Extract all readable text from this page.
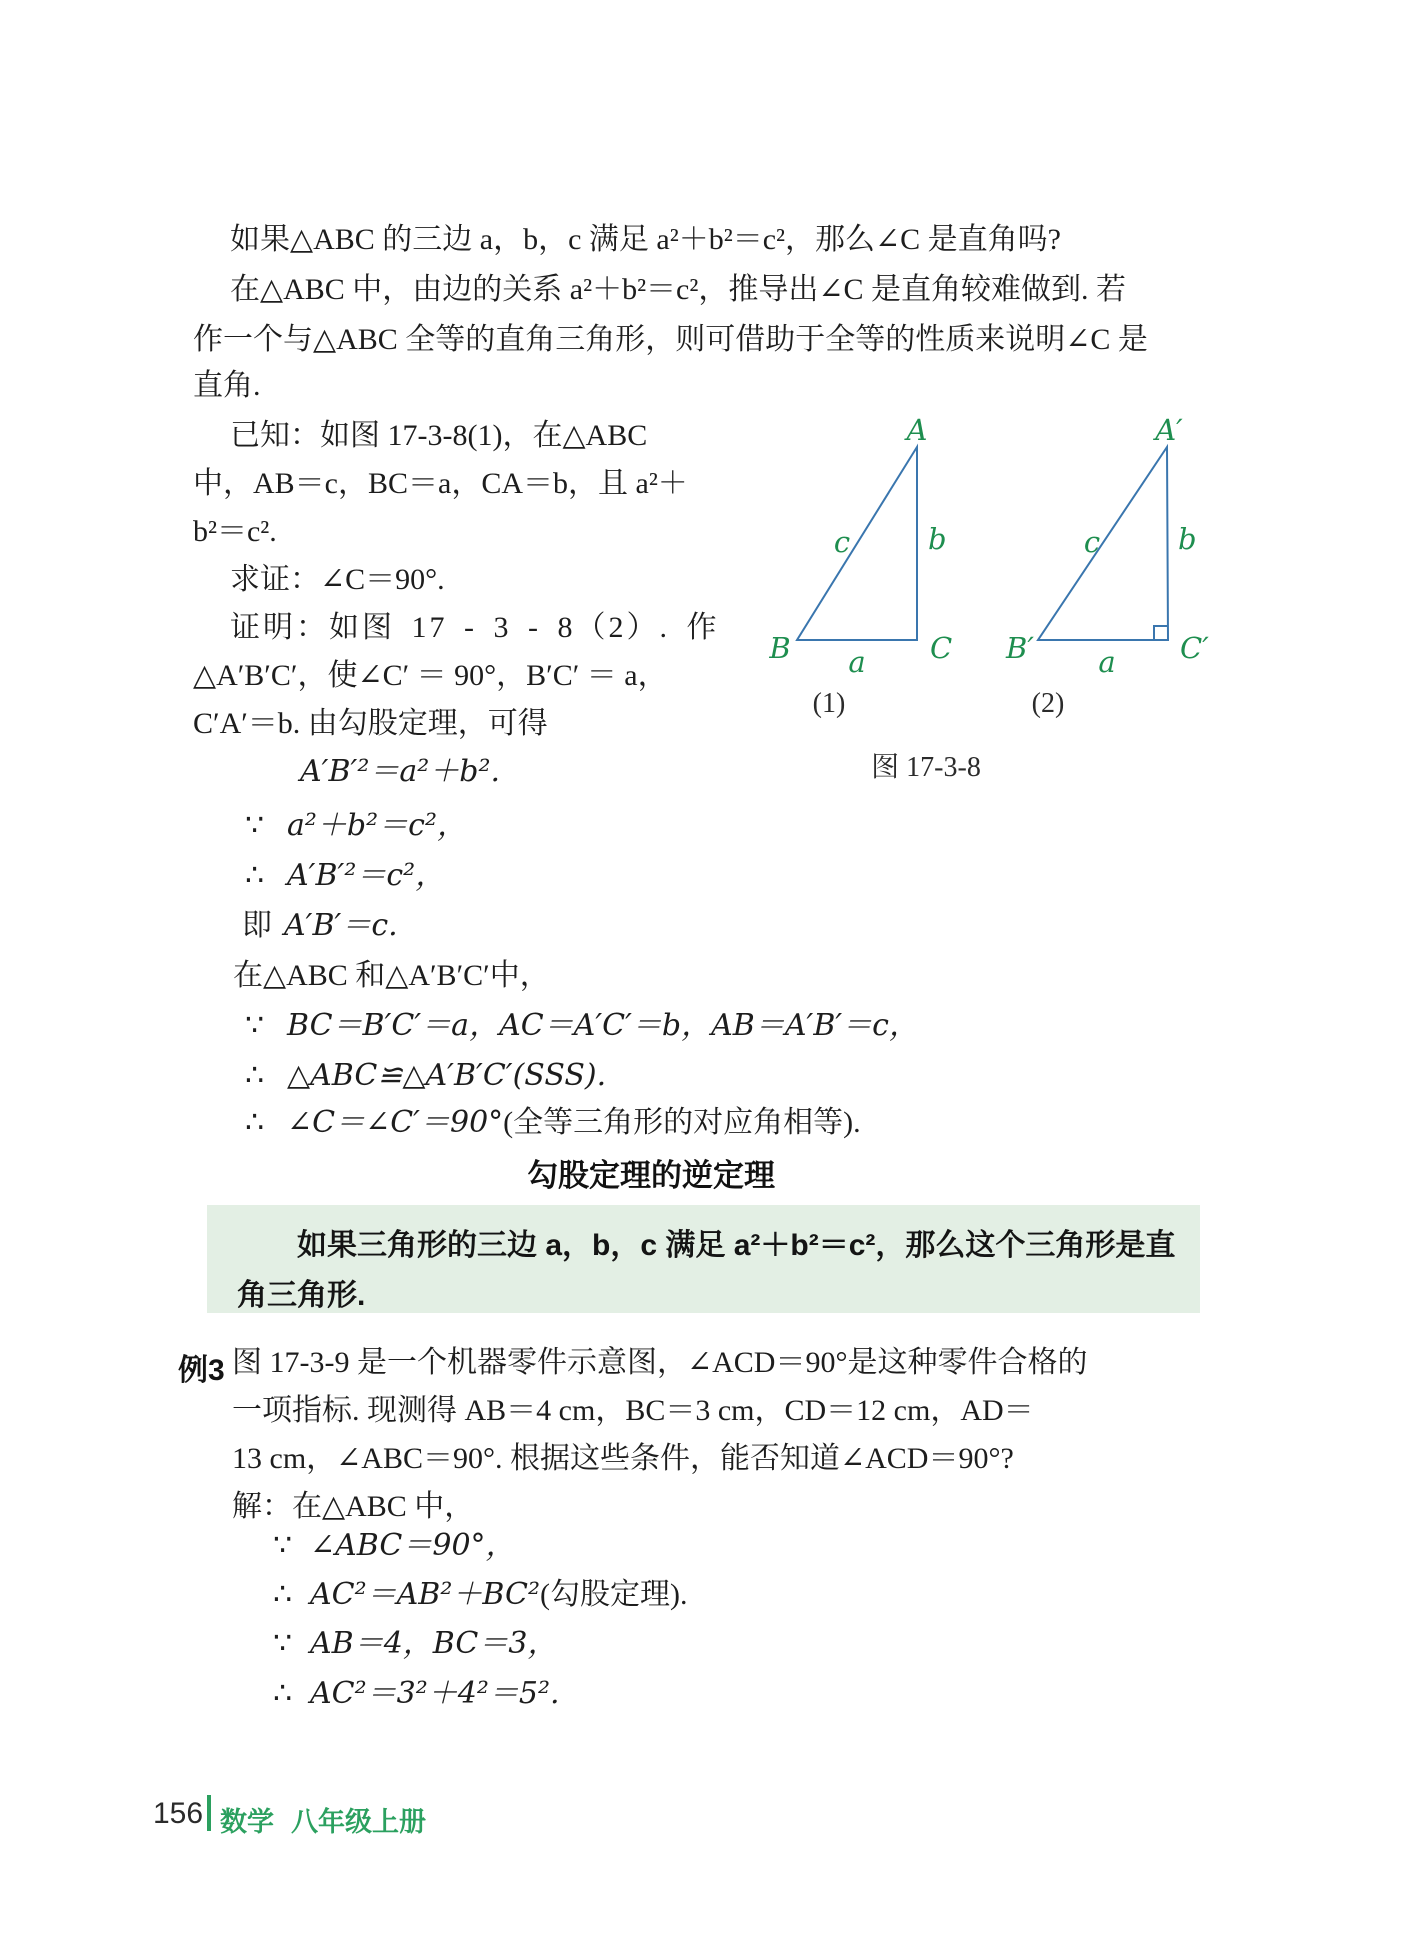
如果△ABC 的三边 a，b，c 满足 a²＋b²＝c²，那么∠C 是直角吗?
在△ABC 中，由边的关系 a²＋b²＝c²，推导出∠C 是直角较难做到. 若
作一个与△ABC 全等的直角三角形，则可借助于全等的性质来说明∠C 是
直角.
已知：如图 17‐3‐8(1)，在△ABC
中，AB＝c，BC＝a，CA＝b，且 a²＋
b²＝c².
求证：∠C＝90°.
证明：如图 17 ‐ 3 ‐ 8（2）. 作
△A′B′C′，使∠C′ ＝ 90°，B′C′ ＝ a，
C′A′＝b. 由勾股定理，可得
A′B′²＝a²＋b².
∵ a²＋b²＝c²，
∴ A′B′²＝c²，
即 A′B′＝c.
在△ABC 和△A′B′C′中，
∵ BC＝B′C′＝a，AC＝A′C′＝b，AB＝A′B′＝c，
∴ △ABC≌△A′B′C′(SSS).
∴ ∠C＝∠C′＝90°(全等三角形的对应角相等).
勾股定理的逆定理
如果三角形的三边 a，b，c 满足 a²＋b²＝c²，那么这个三角形是直
角三角形.
例3 图 17‐3‐9 是一个机器零件示意图，∠ACD＝90°是这种零件合格的
一项指标. 现测得 AB＝4 cm，BC＝3 cm，CD＝12 cm，AD＝
13 cm，∠ABC＝90°. 根据这些条件，能否知道∠ACD＝90°?
解：在△ABC 中，
∵ ∠ABC＝90°，
∴ AC²＝AB²＋BC²(勾股定理).
∵ AB＝4，BC＝3，
∴ AC²＝3²＋4²＝5².
A
B	C
c	b
a
A′
B′	C′
c	b
a
(1)	(2)
图 17‐3‐8
156 数学 八年级上册
